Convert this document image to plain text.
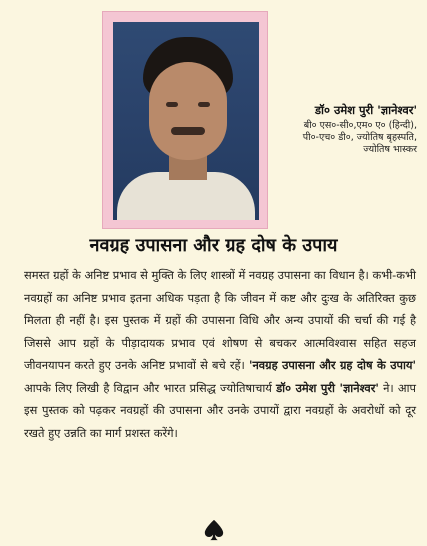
डॉ० उमेश पुरी 'ज्ञानेश्वर'

बी० एस०-सी०,एम० ए० (हिन्दी),

पी०-एच० डी०, ज्योतिष बृहस्पति,

ज्योतिष भास्कर

नवग्रह उपासना और ग्रह दोष के उपाय

समस्त ग्रहों के अनिष्ट प्रभाव से मुक्ति के लिए शास्त्रों में नवग्रह उपासना का विधान है। कभी-कभी नवग्रहों का अनिष्ट प्रभाव इतना अधिक पड़ता है कि जीवन में कष्ट और दुःख के अतिरिक्त कुछ मिलता ही नहीं है। इस पुस्तक में ग्रहों की उपासना विधि और अन्य उपायों की चर्चा की गई है जिससे आप ग्रहों के पीड़ादायक प्रभाव एवं शोषण से बचकर आत्मविश्वास सहित सहज जीवनयापन करते हुए उनके अनिष्ट प्रभावों से बचे रहें। 'नवग्रह उपासना और ग्रह दोष के उपाय' आपके लिए लिखी है विद्वान और भारत प्रसिद्ध ज्योतिषाचार्य डॉ० उमेश पुरी 'ज्ञानेश्वर' ने। आप इस पुस्तक को पढ़कर नवग्रहों की उपासना और उनके उपायों द्वारा नवग्रहों के अवरोधों को दूर रखते हुए उन्नति का मार्ग प्रशस्त करेंगे।
